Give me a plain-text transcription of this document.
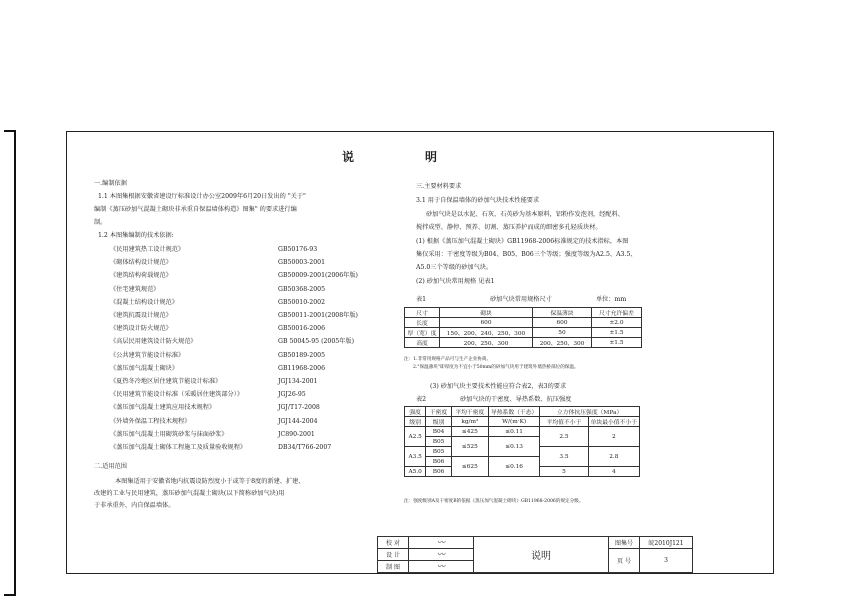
说	明
一.编制依据
1.1 本图集根据安徽省建设厅标准设计办公室2009年6月20日发出的 "关于"
编制《蒸压砂加气混凝土砌块非承重自保温墙体构造》图集" 的要求进行编
制。
1.2 本图集编制的技术依据:
《民用建筑热工设计规范》	GB50176-93
《砌体结构设计规范》	GB50003-2001
《建筑结构荷载规范》	GB50009-2001(2006年版)
《住宅建筑规范》	GB50368-2005
《混凝土结构设计规范》	GB50010-2002
《建筑抗震设计规范》	GB50011-2001(2008年版)
《建筑设计防火规范》	GB50016-2006
《高层民用建筑设计防火规范》	GB 50045-95 (2005年版)
《公共建筑节能设计标准》	GB50189-2005
《蒸压加气混凝土砌块》	GB11968-2006
《夏热冬冷地区居住建筑节能设计标准》	JGJ134-2001
《民用建筑节能设计标准（采暖居住建筑部分）》	JGJ26-95
《蒸压加气混凝土建筑应用技术规程》	JGJ/T17-2008
《外墙外保温工程技术规程》	JGJ144-2004
《蒸压加气混凝土用砌筑砂浆与抹面砂浆》	JC890-2001
《蒸压加气混凝土砌体工程施工及质量验收规程》	DB34/T766-2007
二.适用范围
本图集适用于安徽省地内抗震设防烈度小于或等于8度的新建、扩建、
改建的工业与民用建筑，蒸压砂加气混凝土砌块(以下简称砂加气块)用
于非承重外、内自保温墙体。
三.主要材料要求
3.1 用于自保温墙体的砂加气块技术性能要求
砂加气块是以水泥、石灰、石英砂为基本原料，铝粉作发泡剂，经配料、
搅拌成型、静停、预养、切割、蒸压养护而成的细密多孔轻质块材。
(1) 根据《蒸压加气混凝土砌块》GB11968-2006标准规定的技术指标，本图
集仅采用：干密度等级为B04、B05、B06三个等级；强度等级为A2.5、A3.5、
A5.0三个等级的砂加气块。
(2) 砂加气块常用规格 见表1
表1	砂加气块常用规格尺寸	单位：mm
尺寸	砌块	保温薄块	尺寸允许偏差
长度	600	600	±2.0
厚（宽）度	150、200、240、250、300	50	±1.5
高度	200、250、300	200、250、300	±1.5
注：1.非常用规格产品可与生产企业协商。
2."保温薄块"即厚度为不宜小于50mm的砂加气块用于建筑外墙热桥部位的保温。
(3) 砂加气块主要技术性能应符合表2，表3的要求
表2	砂加气块的干密度、导热系数、抗压强度
强度	干密度	平均干密度	导热系数（干态）	立方体抗压强度（MPa）	
级别	级别	kg/m³	W/(m·K)	平均值不小于	单块最小值不小于
A2.5	B04	≤425	≤0.11	2.5	2
	B05	≤525	≤0.13		
A3.5	B05			3.5	2.8
	B06	≤625	≤0.16		
A5.0	B06			5	4
注：强度级别A及干密度B的依据《蒸压加气混凝土砌块》GB11968-2006的规定分级。
校 对	〰	说明	图集号	皖2010J121
设 计	〰		页 号	3
制 图	〰			
